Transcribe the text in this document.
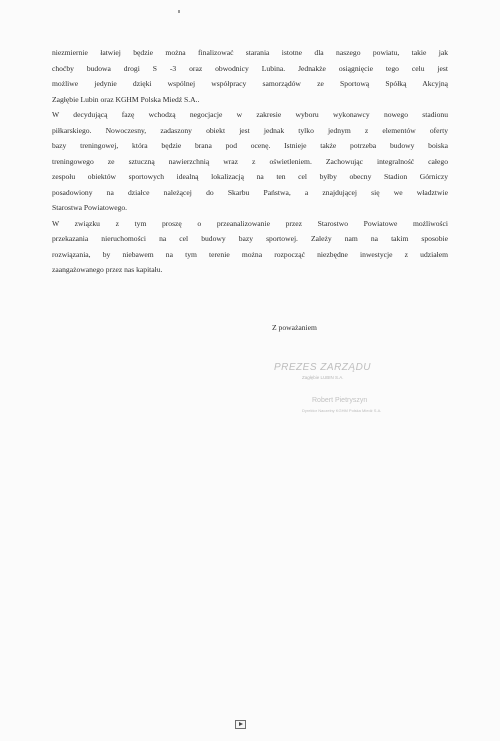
niezmiernie łatwiej będzie można finalizować starania istotne dla naszego powiatu, takie jak
choćby budowa drogi S -3 oraz obwodnicy Lubina. Jednakże osiągnięcie tego celu jest
możliwe jedynie dzięki wspólnej współpracy samorządów ze Sportową Spółką Akcyjną
Zagłębie Lubin oraz KGHM Polska Miedź S.A..

W decydującą fazę wchodzą negocjacje w zakresie wyboru wykonawcy nowego stadionu
piłkarskiego. Nowoczesny, zadaszony obiekt jest jednak tylko jednym z elementów oferty
bazy treningowej, która będzie brana pod ocenę. Istnieje także potrzeba budowy boiska
treningowego ze sztuczną nawierzchnią wraz z oświetleniem. Zachowując integralność całego
zespołu obiektów sportowych idealną lokalizacją na ten cel byłby obecny Stadion Górniczy
posadowiony na działce należącej do Skarbu Państwa, a znajdującej się we władztwie
Starostwa Powiatowego.

W związku z tym proszę o przeanalizowanie przez Starostwo Powiatowe możliwości
przekazania nieruchomości na cel budowy bazy sportowej. Zależy nam na takim sposobie
rozwiązania, by niebawem na tym terenie można rozpocząć niezbędne inwestycje z udziałem
zaangażowanego przez nas kapitału.

Z poważaniem
PREZES ZARZĄDU
Zagłębie LUBIN S.A.
Robert Pietryszyn
Dyrektor Naczelny KGHM Polska Miedź S.A.
